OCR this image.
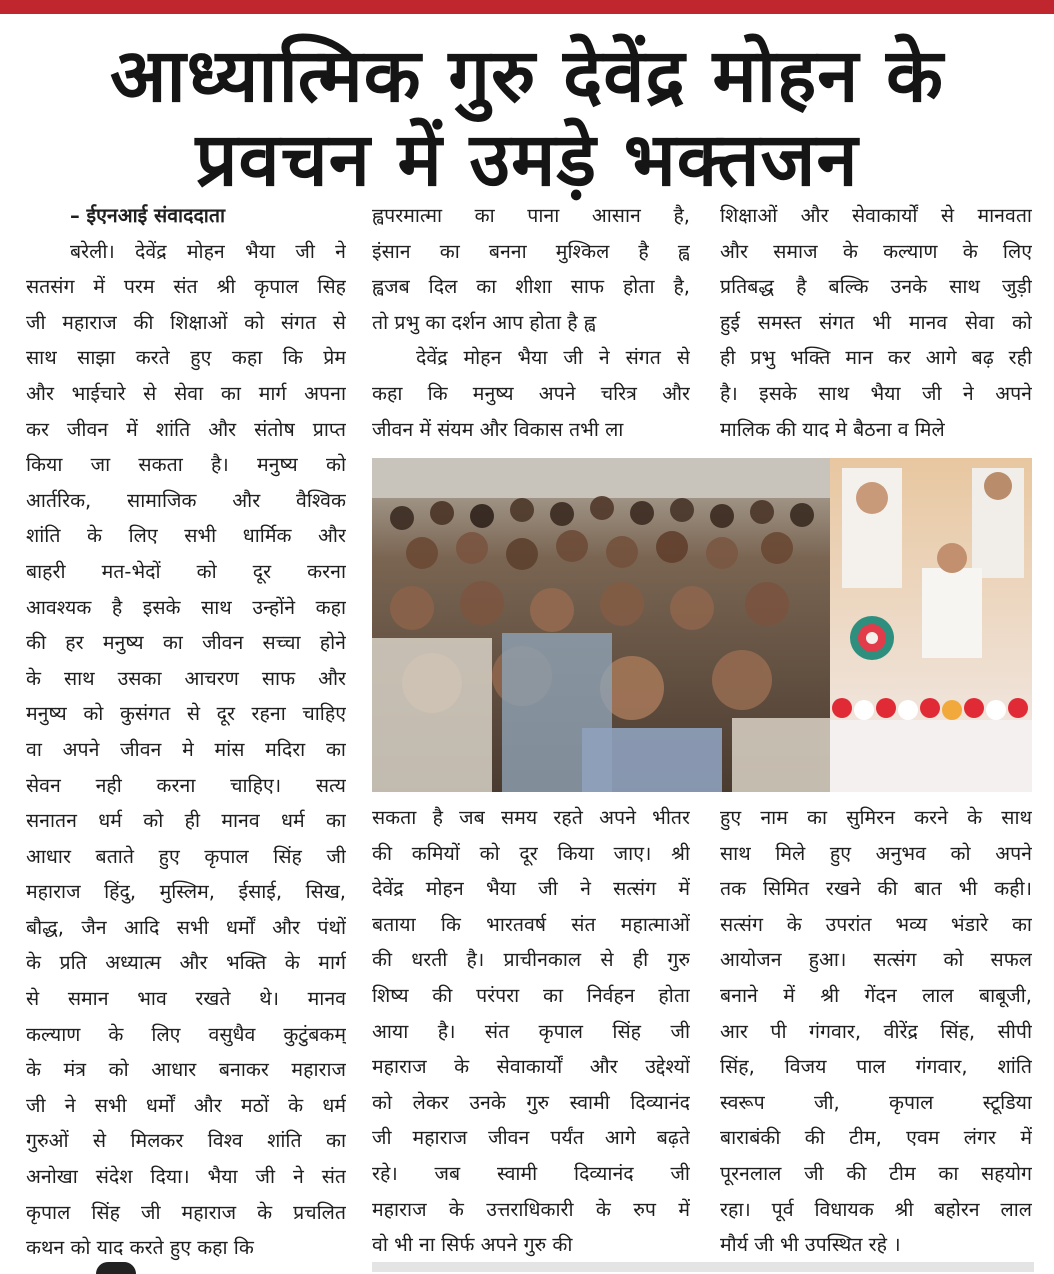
आध्यात्मिक गुरु देवेंद्र मोहन के
प्रवचन में उमड़े भक्तजन
– ईएनआई संवाददाता
बरेली। देवेंद्र मोहन भैया जी ने
सतसंग में परम संत श्री कृपाल सिह
जी महाराज की शिक्षाओं को संगत से
साथ साझा करते हुए कहा कि प्रेम
और भाईचारे से सेवा का मार्ग अपना
कर जीवन में शांति और संतोष प्राप्त
किया जा सकता है। मनुष्य को
आर्तरिक, सामाजिक और वैश्विक
शांति के लिए सभी धार्मिक और
बाहरी मत-भेदों को दूर करना
आवश्यक है इसके साथ उन्होंने कहा
की हर मनुष्य का जीवन सच्चा होने
के साथ उसका आचरण साफ और
मनुष्य को कुसंगत से दूर रहना चाहिए
वा अपने जीवन मे मांस मदिरा का
सेवन नही करना चाहिए। सत्य
सनातन धर्म को ही मानव धर्म का
आधार बताते हुए कृपाल सिंह जी
महाराज हिंदु, मुस्लिम, ईसाई, सिख,
बौद्ध, जैन आदि सभी धर्मों और पंथों
के प्रति अध्यात्म और भक्ति के मार्ग
से समान भाव रखते थे। मानव
कल्याण के लिए वसुधैव कुटुंबकम्
के मंत्र को आधार बनाकर महाराज
जी ने सभी धर्मों और मठों के धर्म
गुरुओं से मिलकर विश्व शांति का
अनोखा संदेश दिया। भैया जी ने संत
कृपाल सिंह जी महाराज के प्रचलित
कथन को याद करते हुए कहा कि
ह्वपरमात्मा का पाना आसान है,
इंसान का बनना मुश्किल है ह्व
ह्वजब दिल का शीशा साफ होता है,
तो प्रभु का दर्शन आप होता है ह्व
देवेंद्र मोहन भैया जी ने संगत से
कहा कि मनुष्य अपने चरित्र और
जीवन में संयम और विकास तभी ला
शिक्षाओं और सेवाकार्यों से मानवता
और समाज के कल्याण के लिए
प्रतिबद्ध है बल्कि उनके साथ जुड़ी
हुई समस्त संगत भी मानव सेवा को
ही प्रभु भक्ति मान कर आगे बढ़ रही
है। इसके साथ भैया जी ने अपने
मालिक की याद मे बैठना व मिले
सकता है जब समय रहते अपने भीतर
की कमियों को दूर किया जाए। श्री
देवेंद्र मोहन भैया जी ने सत्संग में
बताया कि भारतवर्ष संत महात्माओं
की धरती है। प्राचीनकाल से ही गुरु
शिष्य की परंपरा का निर्वहन होता
आया है। संत कृपाल सिंह जी
महाराज के सेवाकार्यों और उद्देश्यों
को लेकर उनके गुरु स्वामी दिव्यानंद
जी महाराज जीवन पर्यंत आगे बढ़ते
रहे। जब स्वामी दिव्यानंद जी
महाराज के उत्तराधिकारी के रुप में
वो भी ना सिर्फ अपने गुरु की
हुए नाम का सुमिरन करने के साथ
साथ मिले हुए अनुभव को अपने
तक सिमित रखने की बात भी कही।
सत्संग के उपरांत भव्य भंडारे का
आयोजन हुआ। सत्संग को सफल
बनाने में श्री गेंदन लाल बाबूजी,
आर पी गंगवार, वीरेंद्र सिंह, सीपी
सिंह, विजय पाल गंगवार, शांति
स्वरूप जी, कृपाल स्टूडिया
बाराबंकी की टीम, एवम लंगर में
पूरनलाल जी की टीम का सहयोग
रहा। पूर्व विधायक श्री बहोरन लाल
मौर्य जी भी उपस्थित रहे ।
